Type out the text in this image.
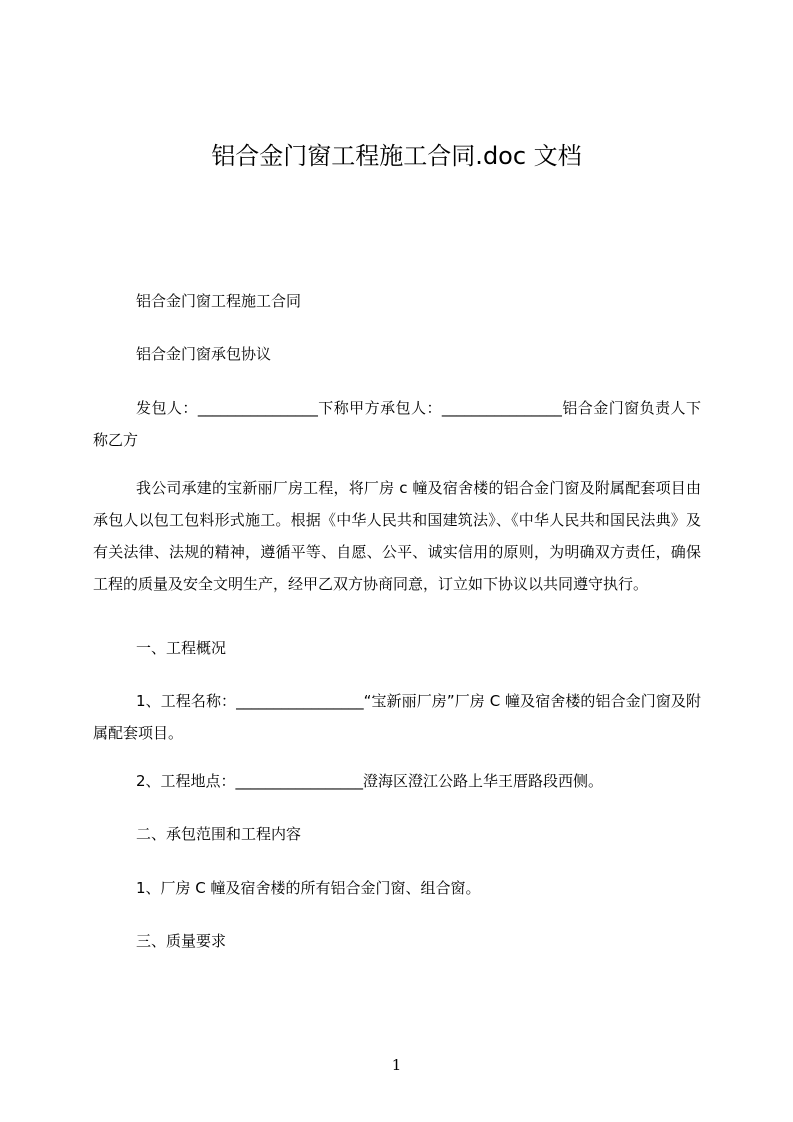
铝合金门窗工程施工合同.doc 文档
铝合金门窗工程施工合同
铝合金门窗承包协议
发包人：________________下称甲方承包人：________________铝合金门窗负责人下称乙方
我公司承建的宝新丽厂房工程，将厂房 c 幢及宿舍楼的铝合金门窗及附属配套项目由承包人以包工包料形式施工。根据《中华人民共和国建筑法》、《中华人民共和国民法典》及有关法律、法规的精神，遵循平等、自愿、公平、诚实信用的原则，为明确双方责任，确保工程的质量及安全文明生产，经甲乙双方协商同意，订立如下协议以共同遵守执行。
一、工程概况
1、工程名称：_________________“宝新丽厂房”厂房 C 幢及宿舍楼的铝合金门窗及附属配套项目。
2、工程地点：_________________澄海区澄江公路上华王厝路段西侧。
二、承包范围和工程内容
1、厂房 C 幢及宿舍楼的所有铝合金门窗、组合窗。
三、质量要求
1
